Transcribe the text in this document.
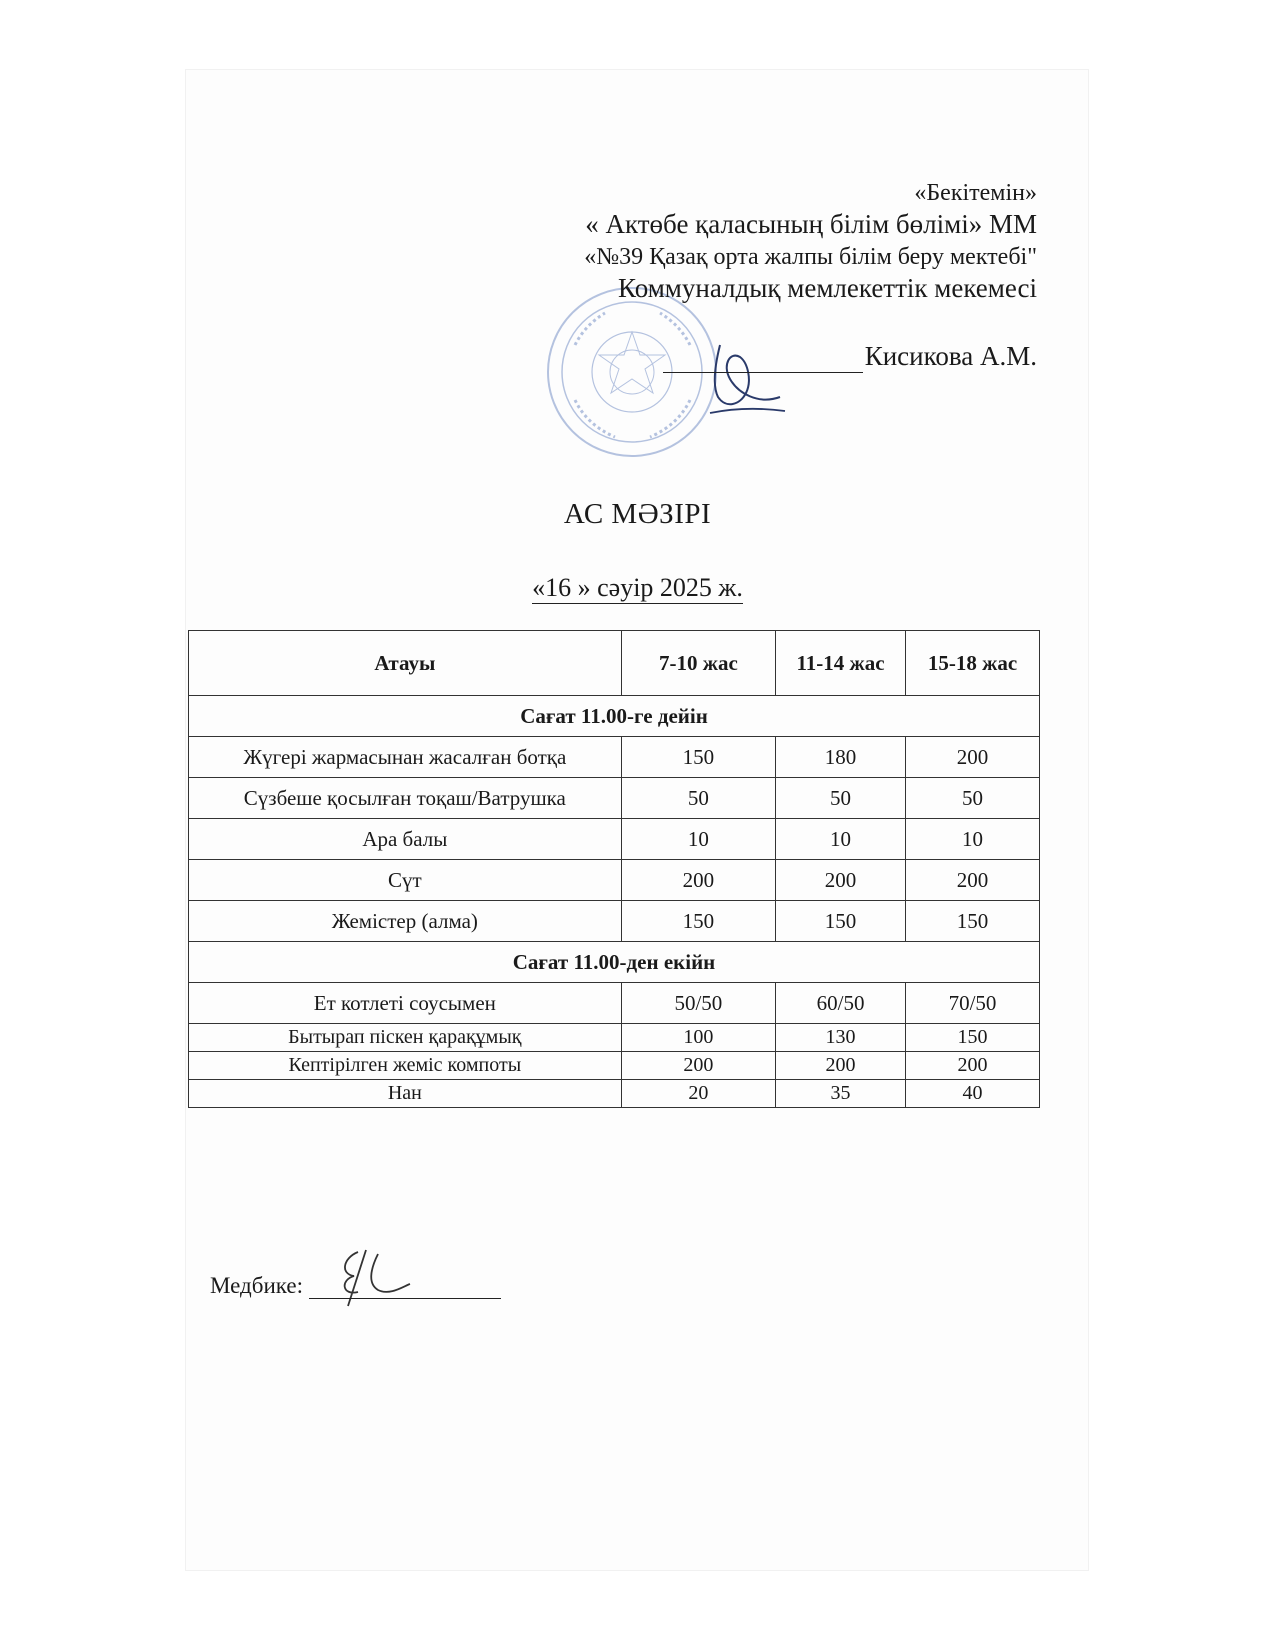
«Бекітемін»
« Актөбе қаласының білім бөлімі» ММ
«№39 Қазақ орта жалпы білім беру мектебі"
Коммуналдық мемлекеттік мекемесі
Кисикова А.М.
АС МӘЗІРІ
«16 » сәуір 2025 ж.
Атауы	7-10 жас	11-14 жас	15-18 жас
Сағат 11.00-ге дейін			
Жүгері жармасынан жасалған ботқа	150	180	200
Сүзбеше қосылған тоқаш/Ватрушка	50	50	50
Ара балы	10	10	10
Сүт	200	200	200
Жемістер (алма)	150	150	150
Сағат 11.00-ден екійн			
Ет котлеті соусымен	50/50	60/50	70/50
Бытырап піскен қарақұмық	100	130	150
Кептірілген жеміс компоты	200	200	200
Нан	20	35	40
Медбике:
